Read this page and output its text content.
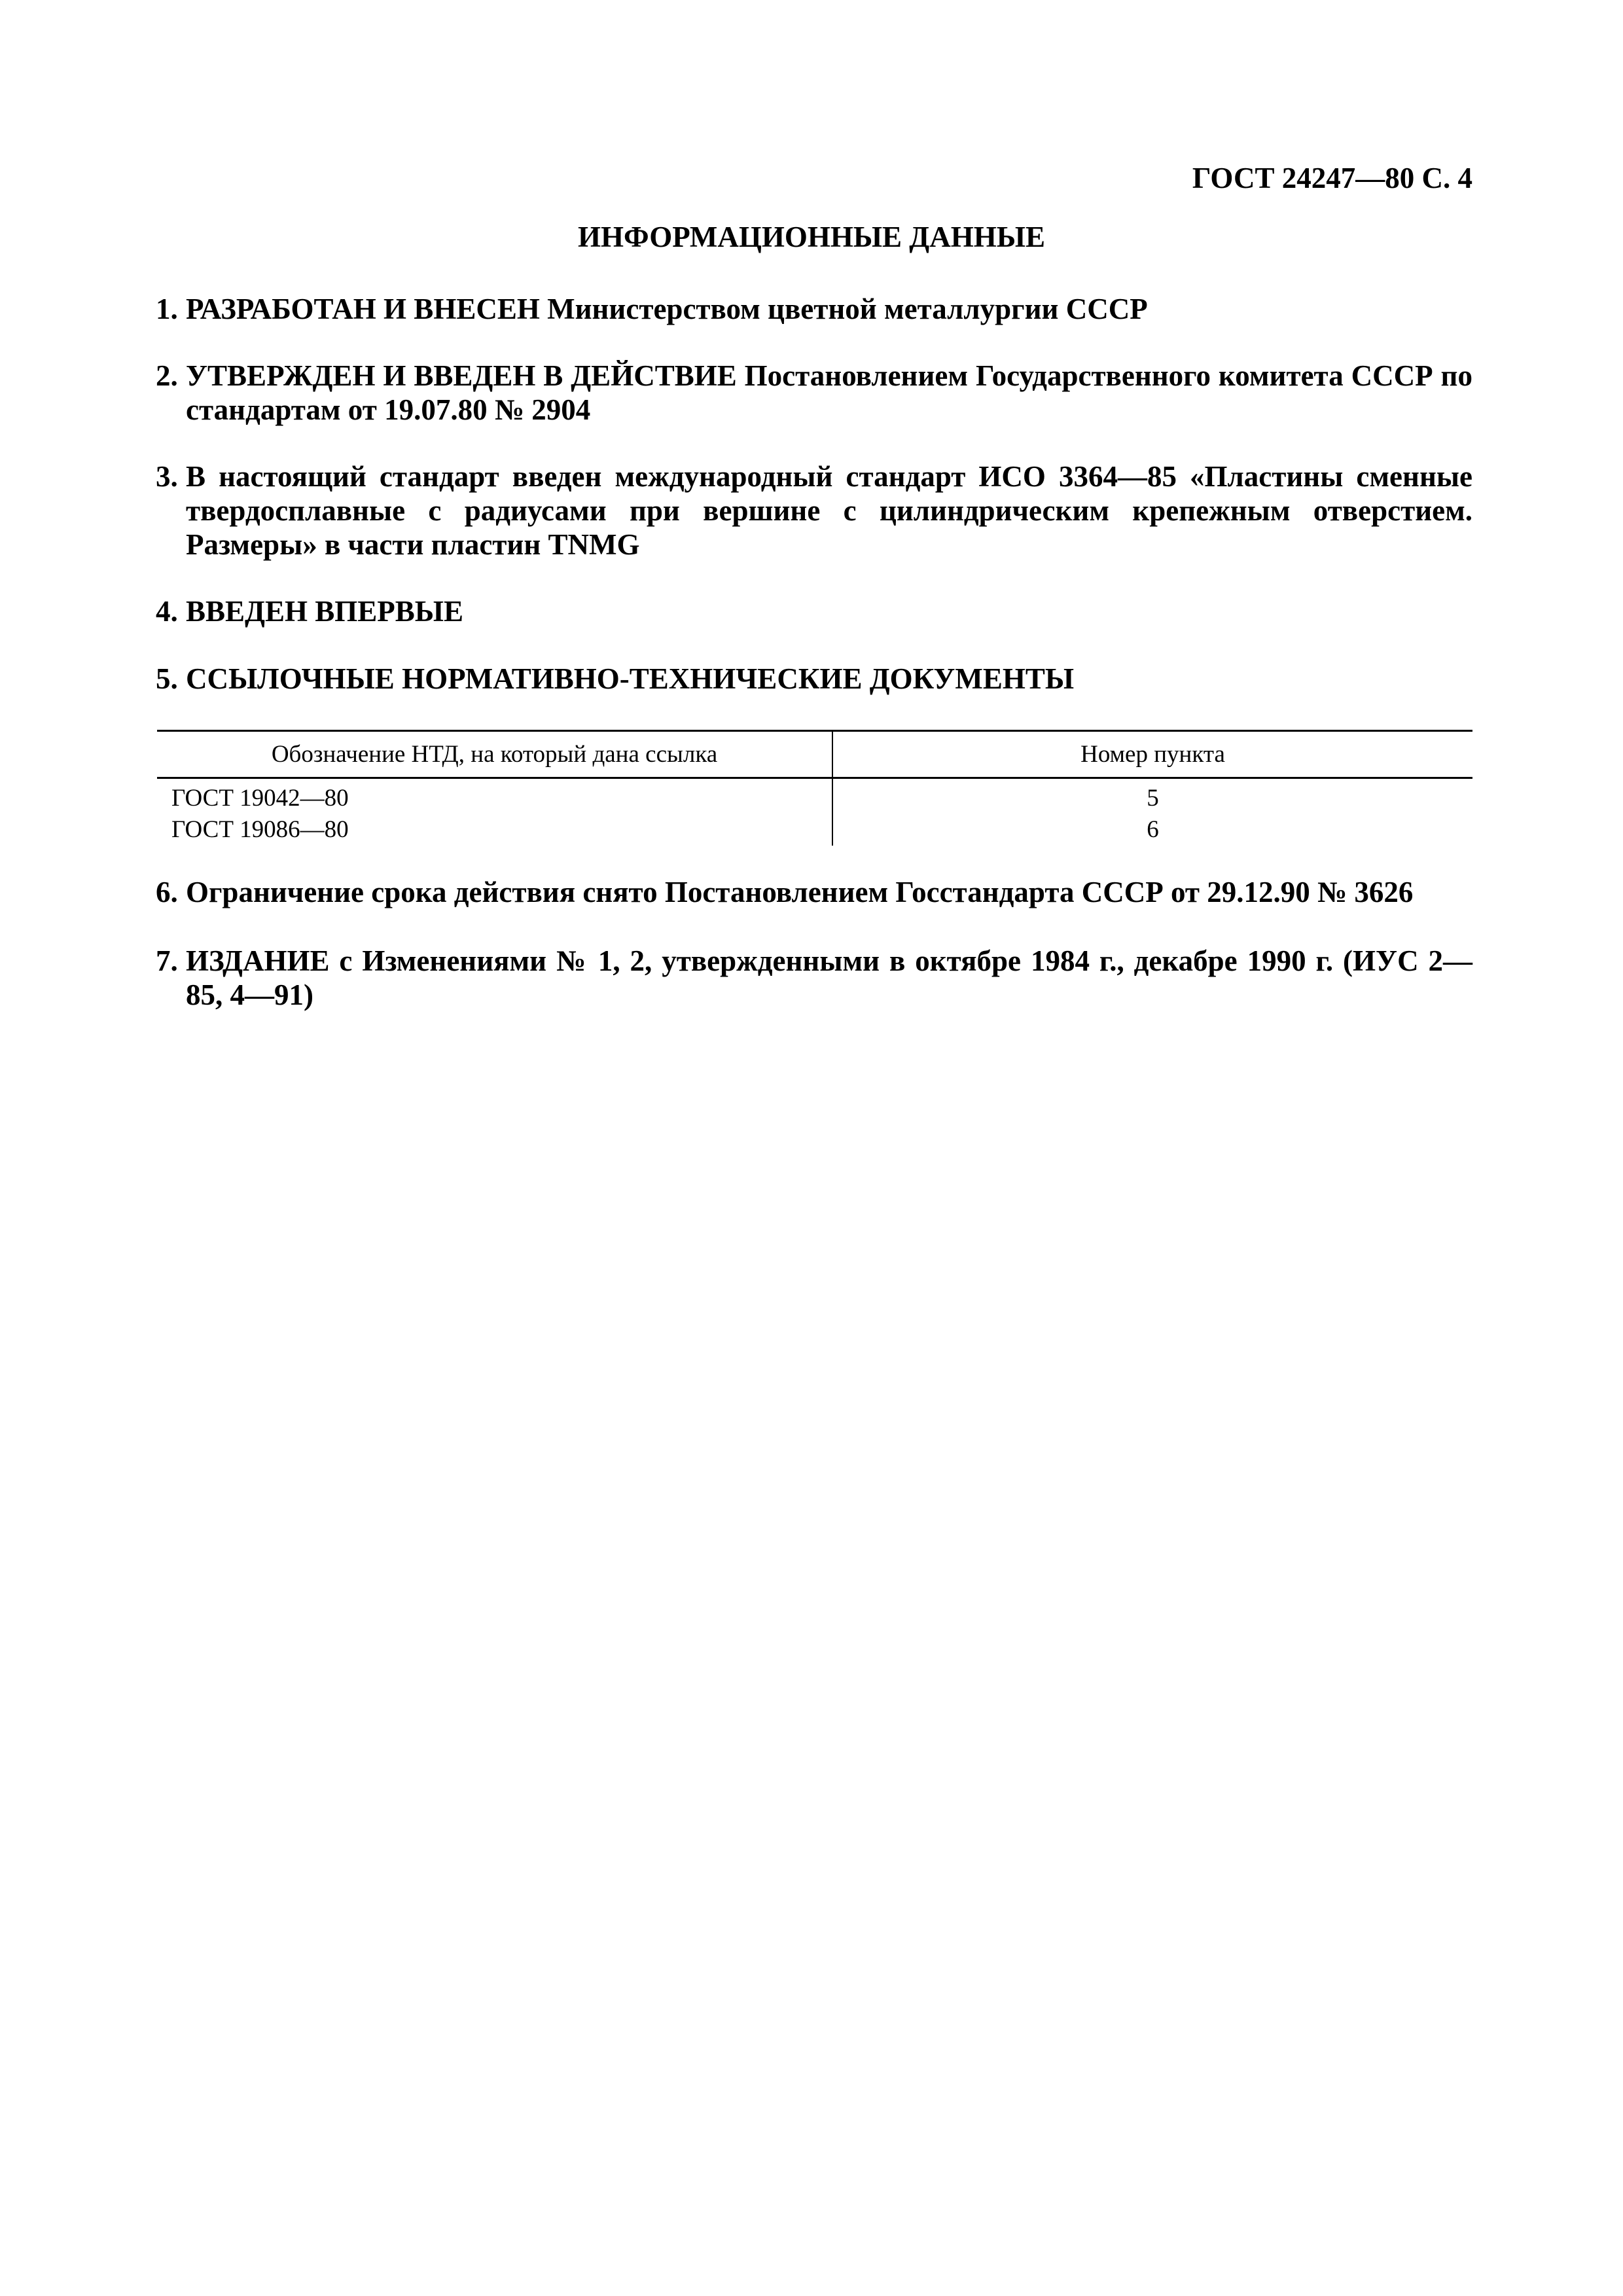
ГОСТ 24247—80 С. 4
ИНФОРМАЦИОННЫЕ ДАННЫЕ
1. РАЗРАБОТАН И ВНЕСЕН Министерством цветной металлургии СССР
2. УТВЕРЖДЕН И ВВЕДЕН В ДЕЙСТВИЕ Постановлением Государственного комитета СССР по стандартам от 19.07.80 № 2904
3. В настоящий стандарт введен международный стандарт ИСО 3364—85 «Пластины сменные твердосплавные с радиусами при вершине с цилиндрическим крепежным отверстием. Размеры» в части пластин TNMG
4. ВВЕДЕН ВПЕРВЫЕ
5. ССЫЛОЧНЫЕ НОРМАТИВНО-ТЕХНИЧЕСКИЕ ДОКУМЕНТЫ
Обозначение НТД, на который дана ссылка	Номер пункта
ГОСТ 19042—80	5
ГОСТ 19086—80	6
6. Ограничение срока действия снято Постановлением Госстандарта СССР от 29.12.90 № 3626
7. ИЗДАНИЕ с Изменениями № 1, 2, утвержденными в октябре 1984 г., декабре 1990 г. (ИУС 2— 85, 4—91)
